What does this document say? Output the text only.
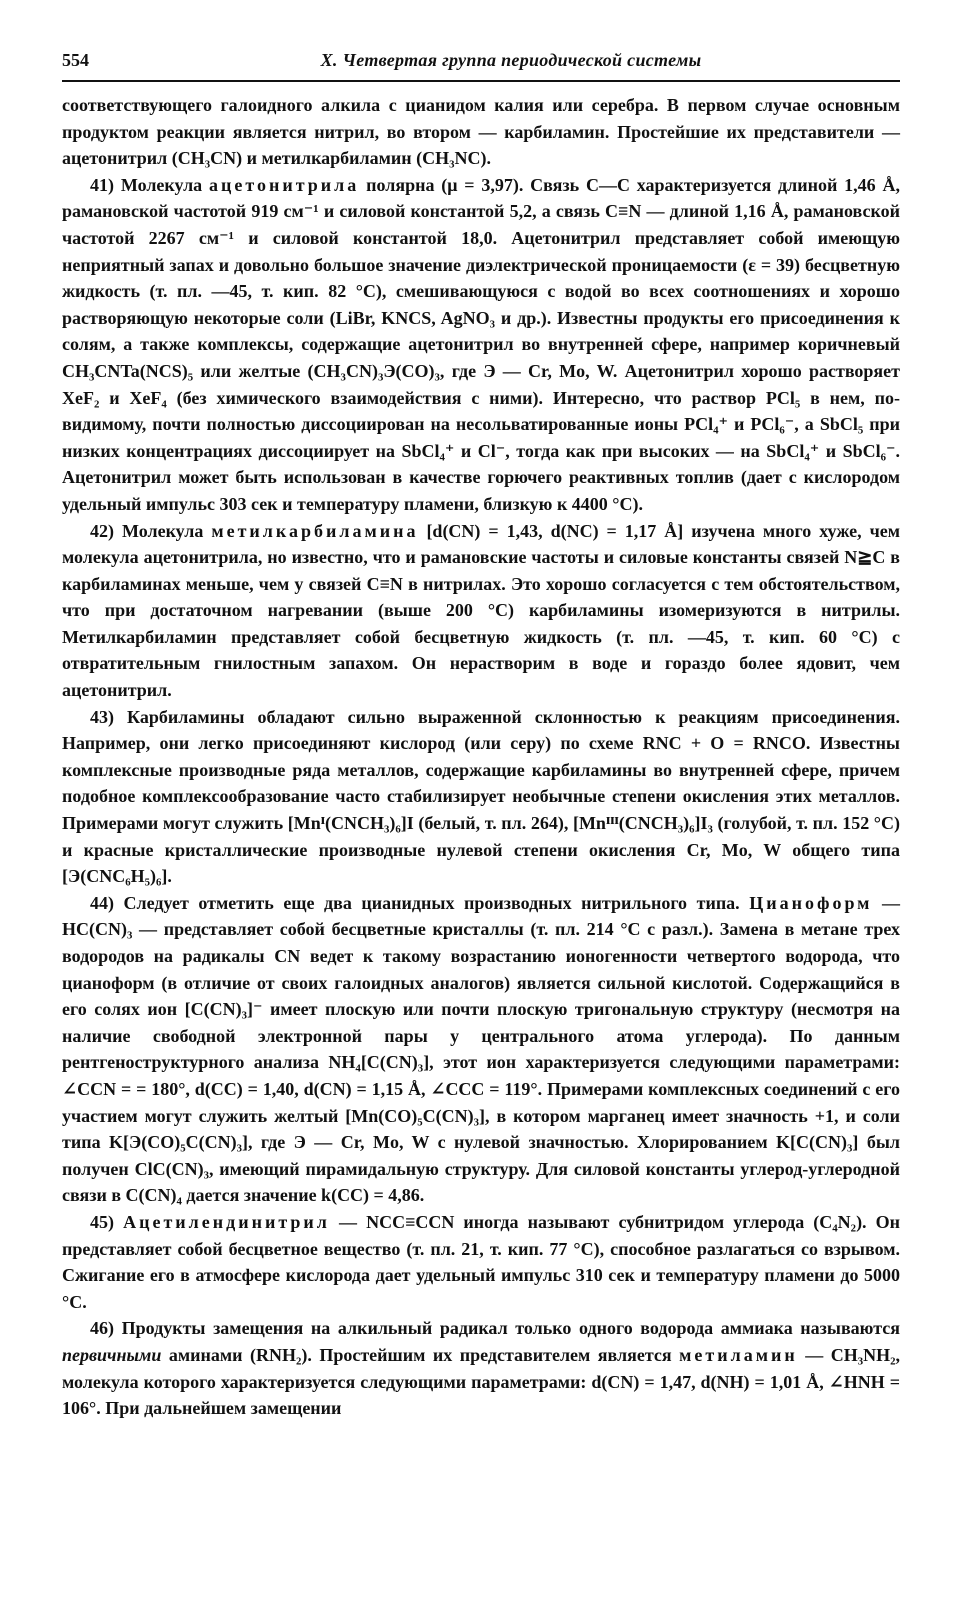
554	X. Четвертая группа периодической системы

соответствующего галоидного алкила с цианидом калия или серебра. В первом случае основным продуктом реакции является нитрил, во втором — карбиламин. Простейшие их представители — ацетонитрил (CH₃CN) и метилкарбиламин (CH₃NC).

41) Молекула ацетонитрила полярна (μ = 3,97). Связь C—C характеризуется длиной 1,46 Å, рамановской частотой 919 см⁻¹ и силовой константой 5,2, а связь C≡N — длиной 1,16 Å, рамановской частотой 2267 см⁻¹ и силовой константой 18,0. Ацетонитрил представляет собой имеющую неприятный запах и довольно большое значение диэлектрической проницаемости (ε = 39) бесцветную жидкость (т. пл. —45, т. кип. 82 °C), смешивающуюся с водой во всех соотношениях и хорошо растворяющую некоторые соли (LiBr, KNCS, AgNO₃ и др.). Известны продукты его присоединения к солям, а также комплексы, содержащие ацетонитрил во внутренней сфере, например коричневый CH₃CNTa(NCS)₅ или желтые (CH₃CN)₃Э(CO)₃, где Э — Cr, Mo, W. Ацетонитрил хорошо растворяет XeF₂ и XeF₄ (без химического взаимодействия с ними). Интересно, что раствор PCl₅ в нем, по-видимому, почти полностью диссоциирован на несольватированные ионы PCl₄⁺ и PCl₆⁻, а SbCl₅ при низких концентрациях диссоциирует на SbCl₄⁺ и Cl⁻, тогда как при высоких — на SbCl₄⁺ и SbCl₆⁻. Ацетонитрил может быть использован в качестве горючего реактивных топлив (дает с кислородом удельный импульс 303 сек и температуру пламени, близкую к 4400 °C).

42) Молекула метилкарбиламина [d(CN) = 1,43, d(NC) = 1,17 Å] изучена много хуже, чем молекула ацетонитрила, но известно, что и рамановские частоты и силовые константы связей N≧C в карбиламинах меньше, чем у связей C≡N в нитрилах. Это хорошо согласуется с тем обстоятельством, что при достаточном нагревании (выше 200 °C) карбиламины изомеризуются в нитрилы. Метилкарбиламин представляет собой бесцветную жидкость (т. пл. —45, т. кип. 60 °C) с отвратительным гнилостным запахом. Он нерастворим в воде и гораздо более ядовит, чем ацетонитрил.

43) Карбиламины обладают сильно выраженной склонностью к реакциям присоединения. Например, они легко присоединяют кислород (или серу) по схеме RNC + O = RNCO. Известны комплексные производные ряда металлов, содержащие карбиламины во внутренней сфере, причем подобное комплексообразование часто стабилизирует необычные степени окисления этих металлов. Примерами могут служить [Mnᴵ(CNCH₃)₆]I (белый, т. пл. 264), [Mnᴵᴵᴵ(CNCH₃)₆]I₃ (голубой, т. пл. 152 °C) и красные кристаллические производные нулевой степени окисления Cr, Mo, W общего типа [Э(CNC₆H₅)₆].

44) Следует отметить еще два цианидных производных нитрильного типа. Цианоформ — HC(CN)₃ — представляет собой бесцветные кристаллы (т. пл. 214 °C с разл.). Замена в метане трех водородов на радикалы CN ведет к такому возрастанию ионогенности четвертого водорода, что цианоформ (в отличие от своих галоидных аналогов) является сильной кислотой. Содержащийся в его солях ион [C(CN)₃]⁻ имеет плоскую или почти плоскую тригональную структуру (несмотря на наличие свободной электронной пары у центрального атома углерода). По данным рентгеноструктурного анализа NH₄[C(CN)₃], этот ион характеризуется следующими параметрами: ∠CCN = = 180°, d(CC) = 1,40, d(CN) = 1,15 Å, ∠CCC = 119°. Примерами комплексных соединений с его участием могут служить желтый [Mn(CO)₅C(CN)₃], в котором марганец имеет значность +1, и соли типа K[Э(CO)₅C(CN)₃], где Э — Cr, Mo, W с нулевой значностью. Хлорированием K[C(CN)₃] был получен ClC(CN)₃, имеющий пирамидальную структуру. Для силовой константы углерод-углеродной связи в C(CN)₄ дается значение k(CC) = 4,86.

45) Ацетилендинитрил — NCC≡CCN иногда называют субнитридом углерода (C₄N₂). Он представляет собой бесцветное вещество (т. пл. 21, т. кип. 77 °C), способное разлагаться со взрывом. Сжигание его в атмосфере кислорода дает удельный импульс 310 сек и температуру пламени до 5000 °C.

46) Продукты замещения на алкильный радикал только одного водорода аммиака называются первичными аминами (RNH₂). Простейшим их представителем является метиламин — CH₃NH₂, молекула которого характеризуется следующими параметрами: d(CN) = 1,47, d(NH) = 1,01 Å, ∠HNH = 106°. При дальнейшем замещении
